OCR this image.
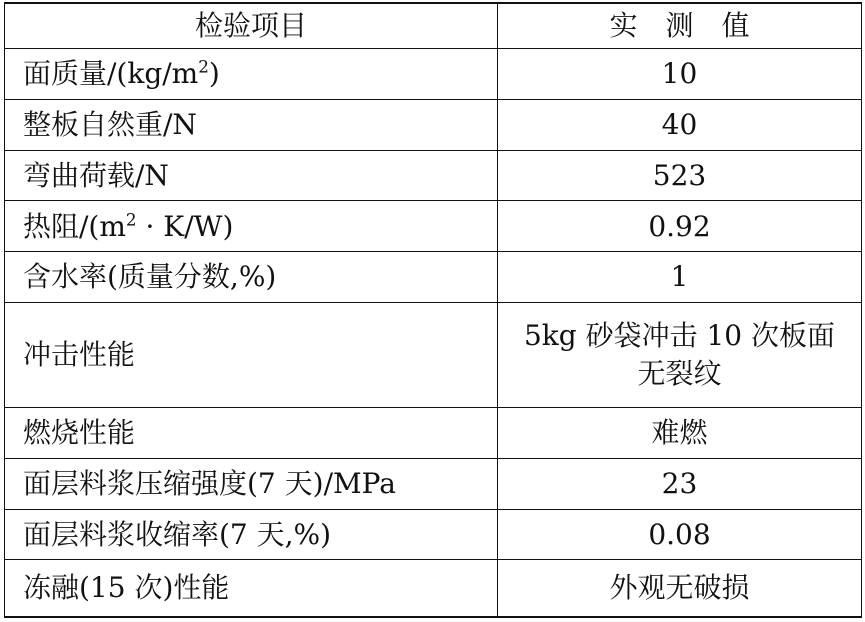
检验项目	实　测　值
面质量$/(kg/m^2)$	10
整板自然重/N	40
弯曲荷载/N	523
热阻$/(m^2 \cdot K/W)$	0.92
含水率(质量分数,%)	1
冲击性能	5kg 砂袋冲击 10 次板面无裂纹
燃烧性能	难燃
面层料浆压缩强度(7 天)/MPa	23
面层料浆收缩率(7 天,%)	0.08
冻融(15 次)性能	外观无破损
